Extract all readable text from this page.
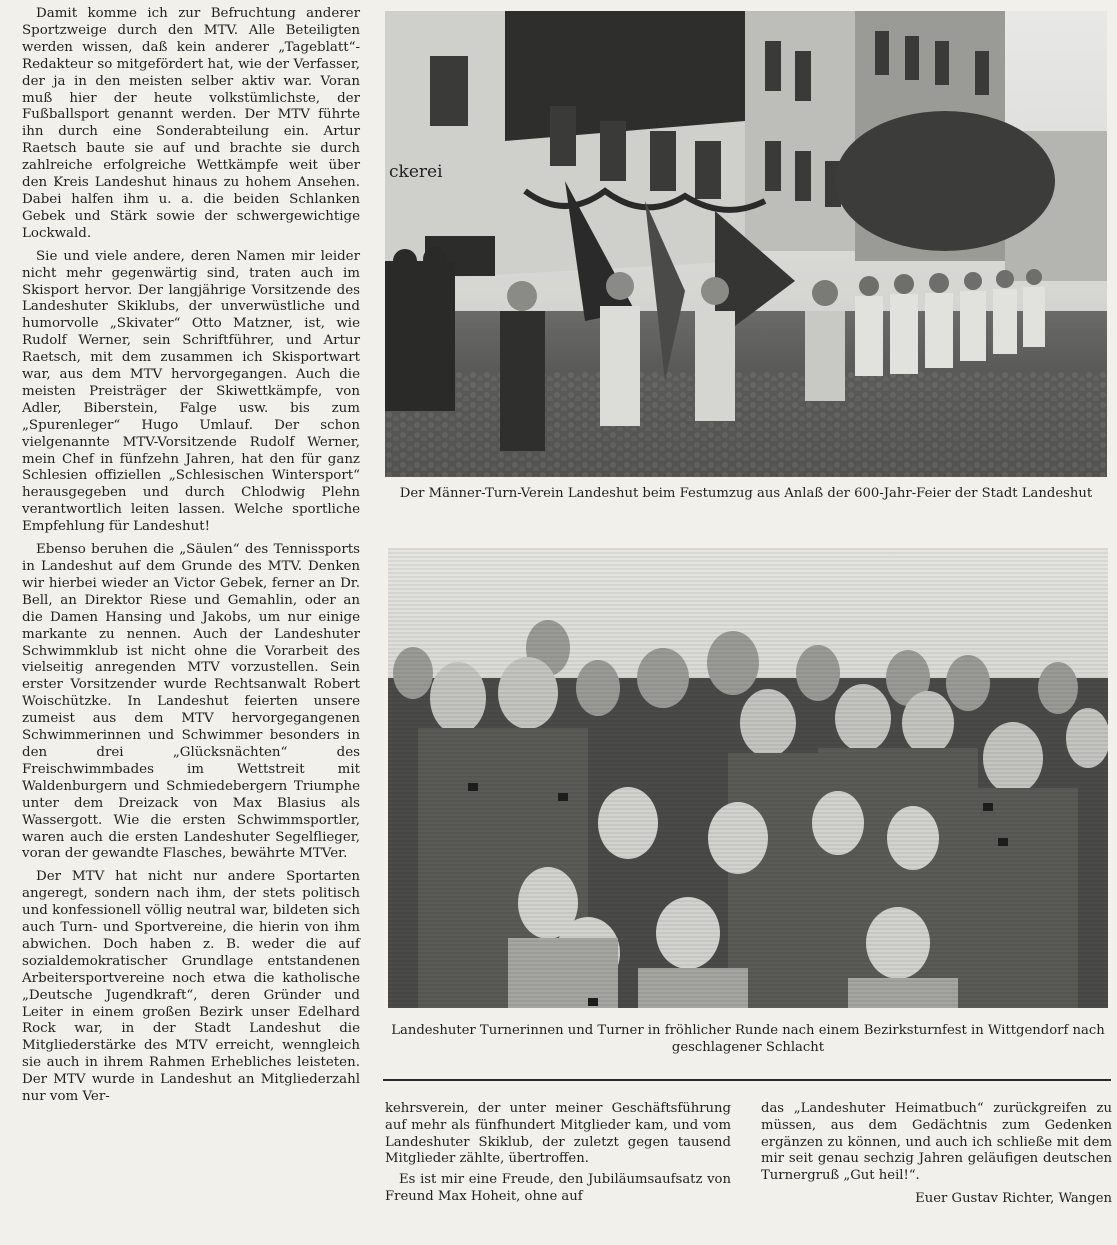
Damit komme ich zur Befruchtung anderer Sportzweige durch den MTV. Alle Beteiligten werden wissen, daß kein anderer „Tageblatt“-Redakteur so mitgefördert hat, wie der Verfasser, der ja in den meisten selber aktiv war. Voran muß hier der heute volkstümlichste, der Fußballsport genannt werden. Der MTV führte ihn durch eine Sonderabteilung ein. Artur Raetsch baute sie auf und brachte sie durch zahlreiche erfolgreiche Wettkämpfe weit über den Kreis Landeshut hinaus zu hohem Ansehen. Dabei halfen ihm u. a. die beiden Schlanken Gebek und Stärk sowie der schwergewichtige Lockwald.

Sie und viele andere, deren Namen mir leider nicht mehr gegenwärtig sind, traten auch im Skisport hervor. Der langjährige Vorsitzende des Landeshuter Skiklubs, der unverwüstliche und humorvolle „Skivater“ Otto Matzner, ist, wie Rudolf Werner, sein Schriftführer, und Artur Raetsch, mit dem zusammen ich Skisportwart war, aus dem MTV hervorgegangen. Auch die meisten Preisträger der Skiwettkämpfe, von Adler, Biberstein, Falge usw. bis zum „Spurenleger“ Hugo Umlauf. Der schon vielgenannte MTV-Vorsitzende Rudolf Werner, mein Chef in fünfzehn Jahren, hat den für ganz Schlesien offiziellen „Schlesischen Wintersport“ herausgegeben und durch Chlodwig Plehn verantwortlich leiten lassen. Welche sportliche Empfehlung für Landeshut!

Ebenso beruhen die „Säulen“ des Tennissports in Landeshut auf dem Grunde des MTV. Denken wir hierbei wieder an Victor Gebek, ferner an Dr. Bell, an Direktor Riese und Gemahlin, oder an die Damen Hansing und Jakobs, um nur einige markante zu nennen. Auch der Landeshuter Schwimmklub ist nicht ohne die Vorarbeit des vielseitig anregenden MTV vorzustellen. Sein erster Vorsitzender wurde Rechtsanwalt Robert Woischützke. In Landeshut feierten unsere zumeist aus dem MTV hervorgegangenen Schwimmerinnen und Schwimmer besonders in den drei „Glücksnächten“ des Freischwimmbades im Wettstreit mit Waldenburgern und Schmiedebergern Triumphe unter dem Dreizack von Max Blasius als Wassergott. Wie die ersten Schwimmsportler, waren auch die ersten Landeshuter Segelflieger, voran der gewandte Flasches, bewährte MTVer.

Der MTV hat nicht nur andere Sportarten angeregt, sondern nach ihm, der stets politisch und konfessionell völlig neutral war, bildeten sich auch Turn- und Sportvereine, die hierin von ihm abwichen. Doch haben z. B. weder die auf sozialdemokratischer Grundlage entstandenen Arbeitersportvereine noch etwa die katholische „Deutsche Jugendkraft“, deren Gründer und Leiter in einem großen Bezirk unser Edelhard Rock war, in der Stadt Landeshut die Mitgliederstärke des MTV erreicht, wenngleich sie auch in ihrem Rahmen Erhebliches leisteten. Der MTV wurde in Landeshut an Mitgliederzahl nur vom Ver-

ckerei
Der Männer-Turn-Verein Landeshut beim Festumzug aus Anlaß der 600-Jahr-Feier der Stadt Landeshut
Landeshuter Turnerinnen und Turner in fröhlicher Runde nach einem Bezirksturnfest in Wittgendorf nach geschlagener Schlacht

kehrsverein, der unter meiner Geschäftsführung auf mehr als fünfhundert Mitglieder kam, und vom Landeshuter Skiklub, der zuletzt gegen tausend Mitglieder zählte, übertroffen.

Es ist mir eine Freude, den Jubiläumsaufsatz von Freund Max Hoheit, ohne auf

das „Landeshuter Heimatbuch“ zurückgreifen zu müssen, aus dem Gedächtnis zum Gedenken ergänzen zu können, und auch ich schließe mit dem mir seit genau sechzig Jahren geläufigen deutschen Turnergruß „Gut heil!“.

Euer Gustav Richter, Wangen
